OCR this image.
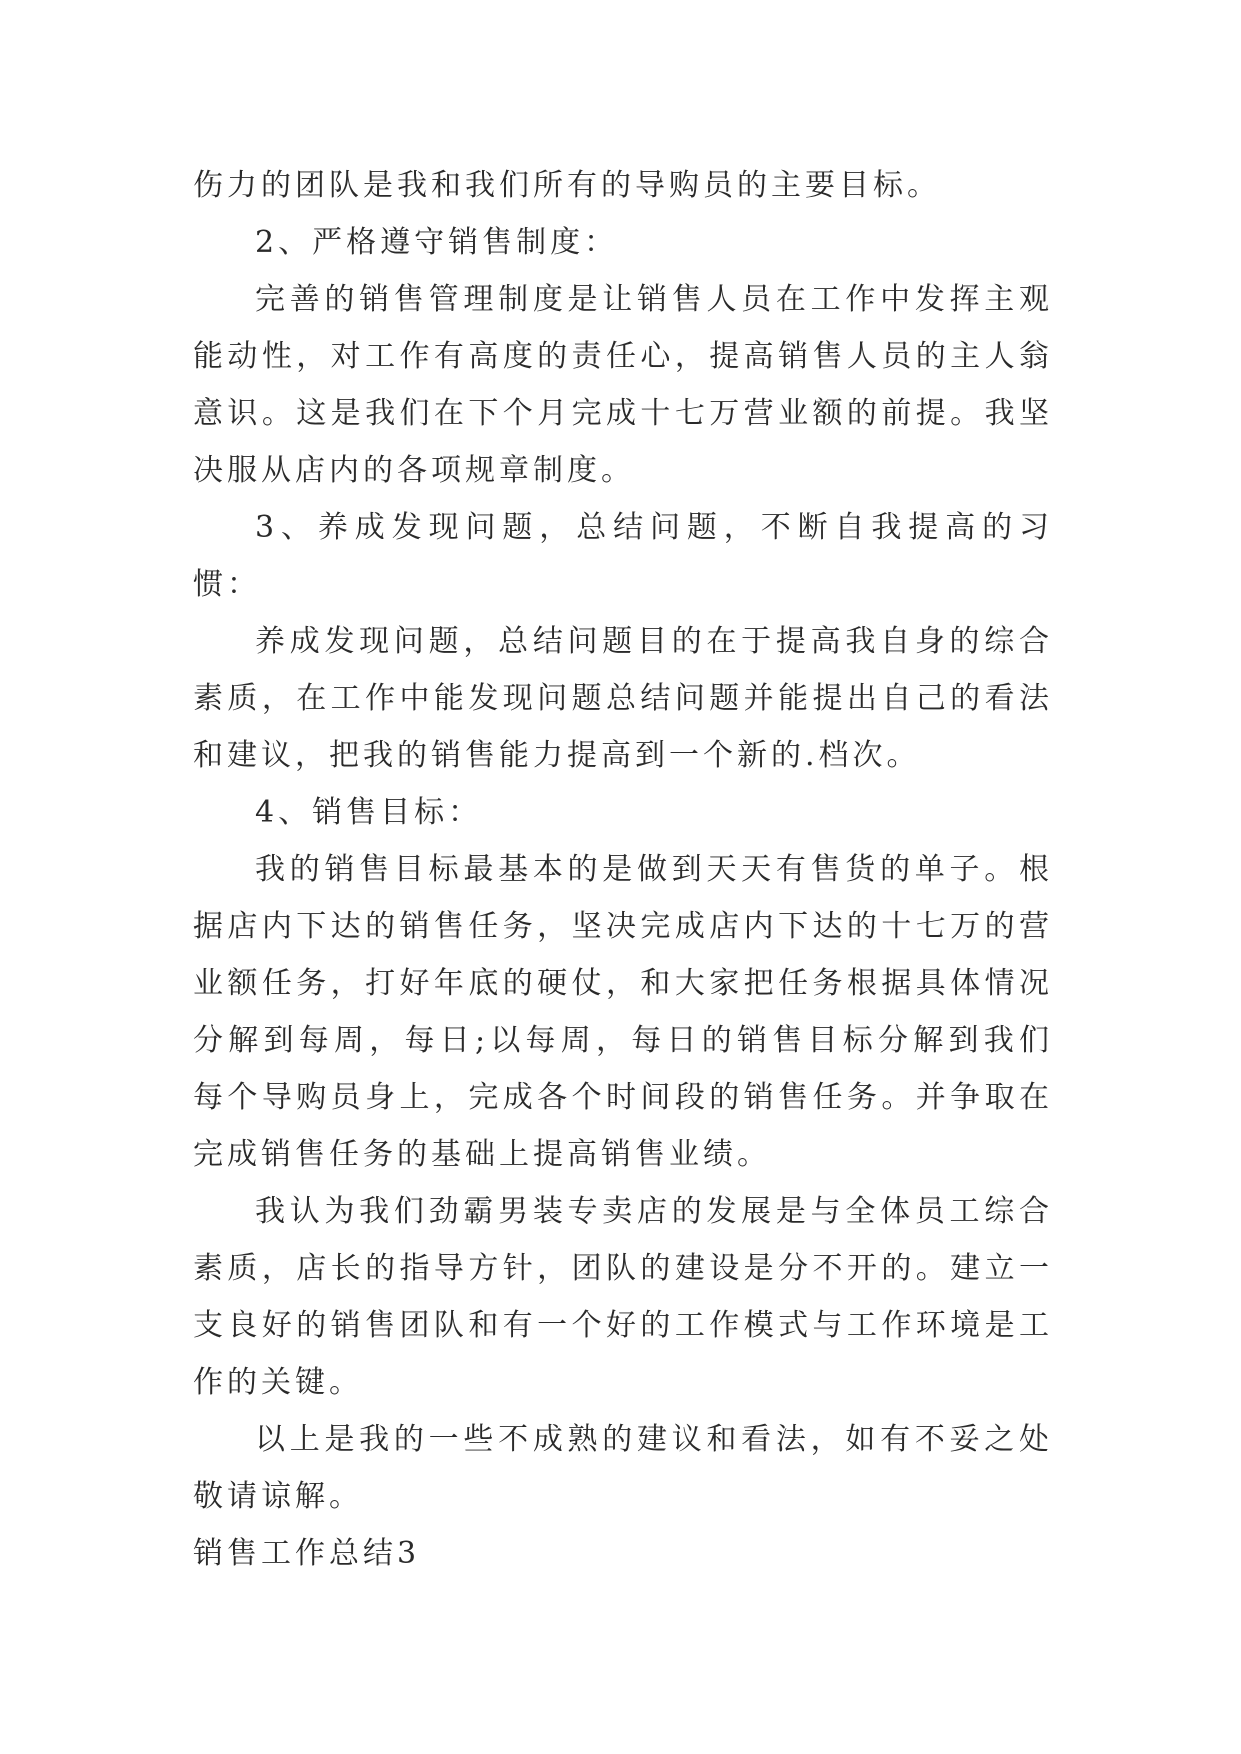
伤力的团队是我和我们所有的导购员的主要目标。

2、严格遵守销售制度：

完善的销售管理制度是让销售人员在工作中发挥主观能动性，对工作有高度的责任心，提高销售人员的主人翁意识。这是我们在下个月完成十七万营业额的前提。我坚决服从店内的各项规章制度。

3、养成发现问题，总结问题，不断自我提高的习惯：

养成发现问题，总结问题目的在于提高我自身的综合素质，在工作中能发现问题总结问题并能提出自己的看法和建议，把我的销售能力提高到一个新的.档次。

4、销售目标：

我的销售目标最基本的是做到天天有售货的单子。根据店内下达的销售任务，坚决完成店内下达的十七万的营业额任务，打好年底的硬仗，和大家把任务根据具体情况分解到每周，每日;以每周，每日的销售目标分解到我们每个导购员身上，完成各个时间段的销售任务。并争取在完成销售任务的基础上提高销售业绩。

我认为我们劲霸男装专卖店的发展是与全体员工综合素质，店长的指导方针，团队的建设是分不开的。建立一支良好的销售团队和有一个好的工作模式与工作环境是工作的关键。

以上是我的一些不成熟的建议和看法，如有不妥之处敬请谅解。

销售工作总结3
